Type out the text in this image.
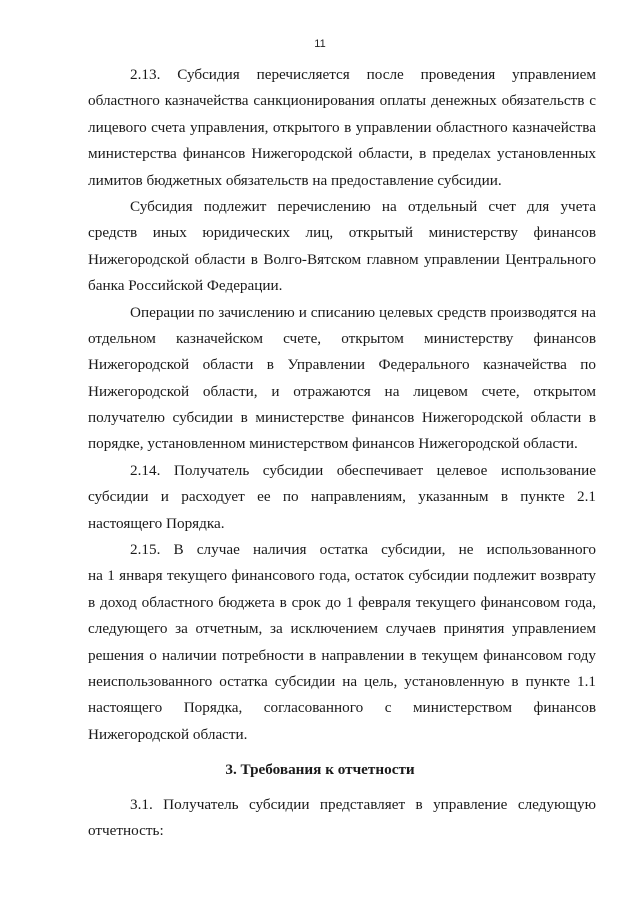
11
2.13. Субсидия перечисляется после проведения управлением
областного казначейства санкционирования оплаты денежных обязательств с
лицевого счета управления, открытого в управлении областного казначейства
министерства финансов Нижегородской области, в пределах установленных
лимитов бюджетных обязательств на предоставление субсидии.
Субсидия подлежит перечислению на отдельный счет для учета
средств иных юридических лиц, открытый министерству финансов
Нижегородской области в Волго-Вятском главном управлении Центрального
банка Российской Федерации.
Операции по зачислению и списанию целевых средств производятся на
отдельном казначейском счете, открытом министерству финансов
Нижегородской области в Управлении Федерального казначейства по
Нижегородской области, и отражаются на лицевом счете, открытом
получателю субсидии в министерстве финансов Нижегородской области в
порядке, установленном министерством финансов Нижегородской области.
2.14. Получатель субсидии обеспечивает целевое использование
субсидии и расходует ее по направлениям, указанным в пункте 2.1
настоящего Порядка.
2.15. В случае наличия остатка субсидии, не использованного
на 1 января текущего финансового года, остаток субсидии подлежит возврату
в доход областного бюджета в срок до 1 февраля текущего финансовом года,
следующего за отчетным, за исключением случаев принятия управлением
решения о наличии потребности в направлении в текущем финансовом году
неиспользованного остатка субсидии на цель, установленную в пункте 1.1
настоящего Порядка, согласованного с министерством финансов
Нижегородской области.
3. Требования к отчетности
3.1. Получатель субсидии представляет в управление следующую
отчетность:
